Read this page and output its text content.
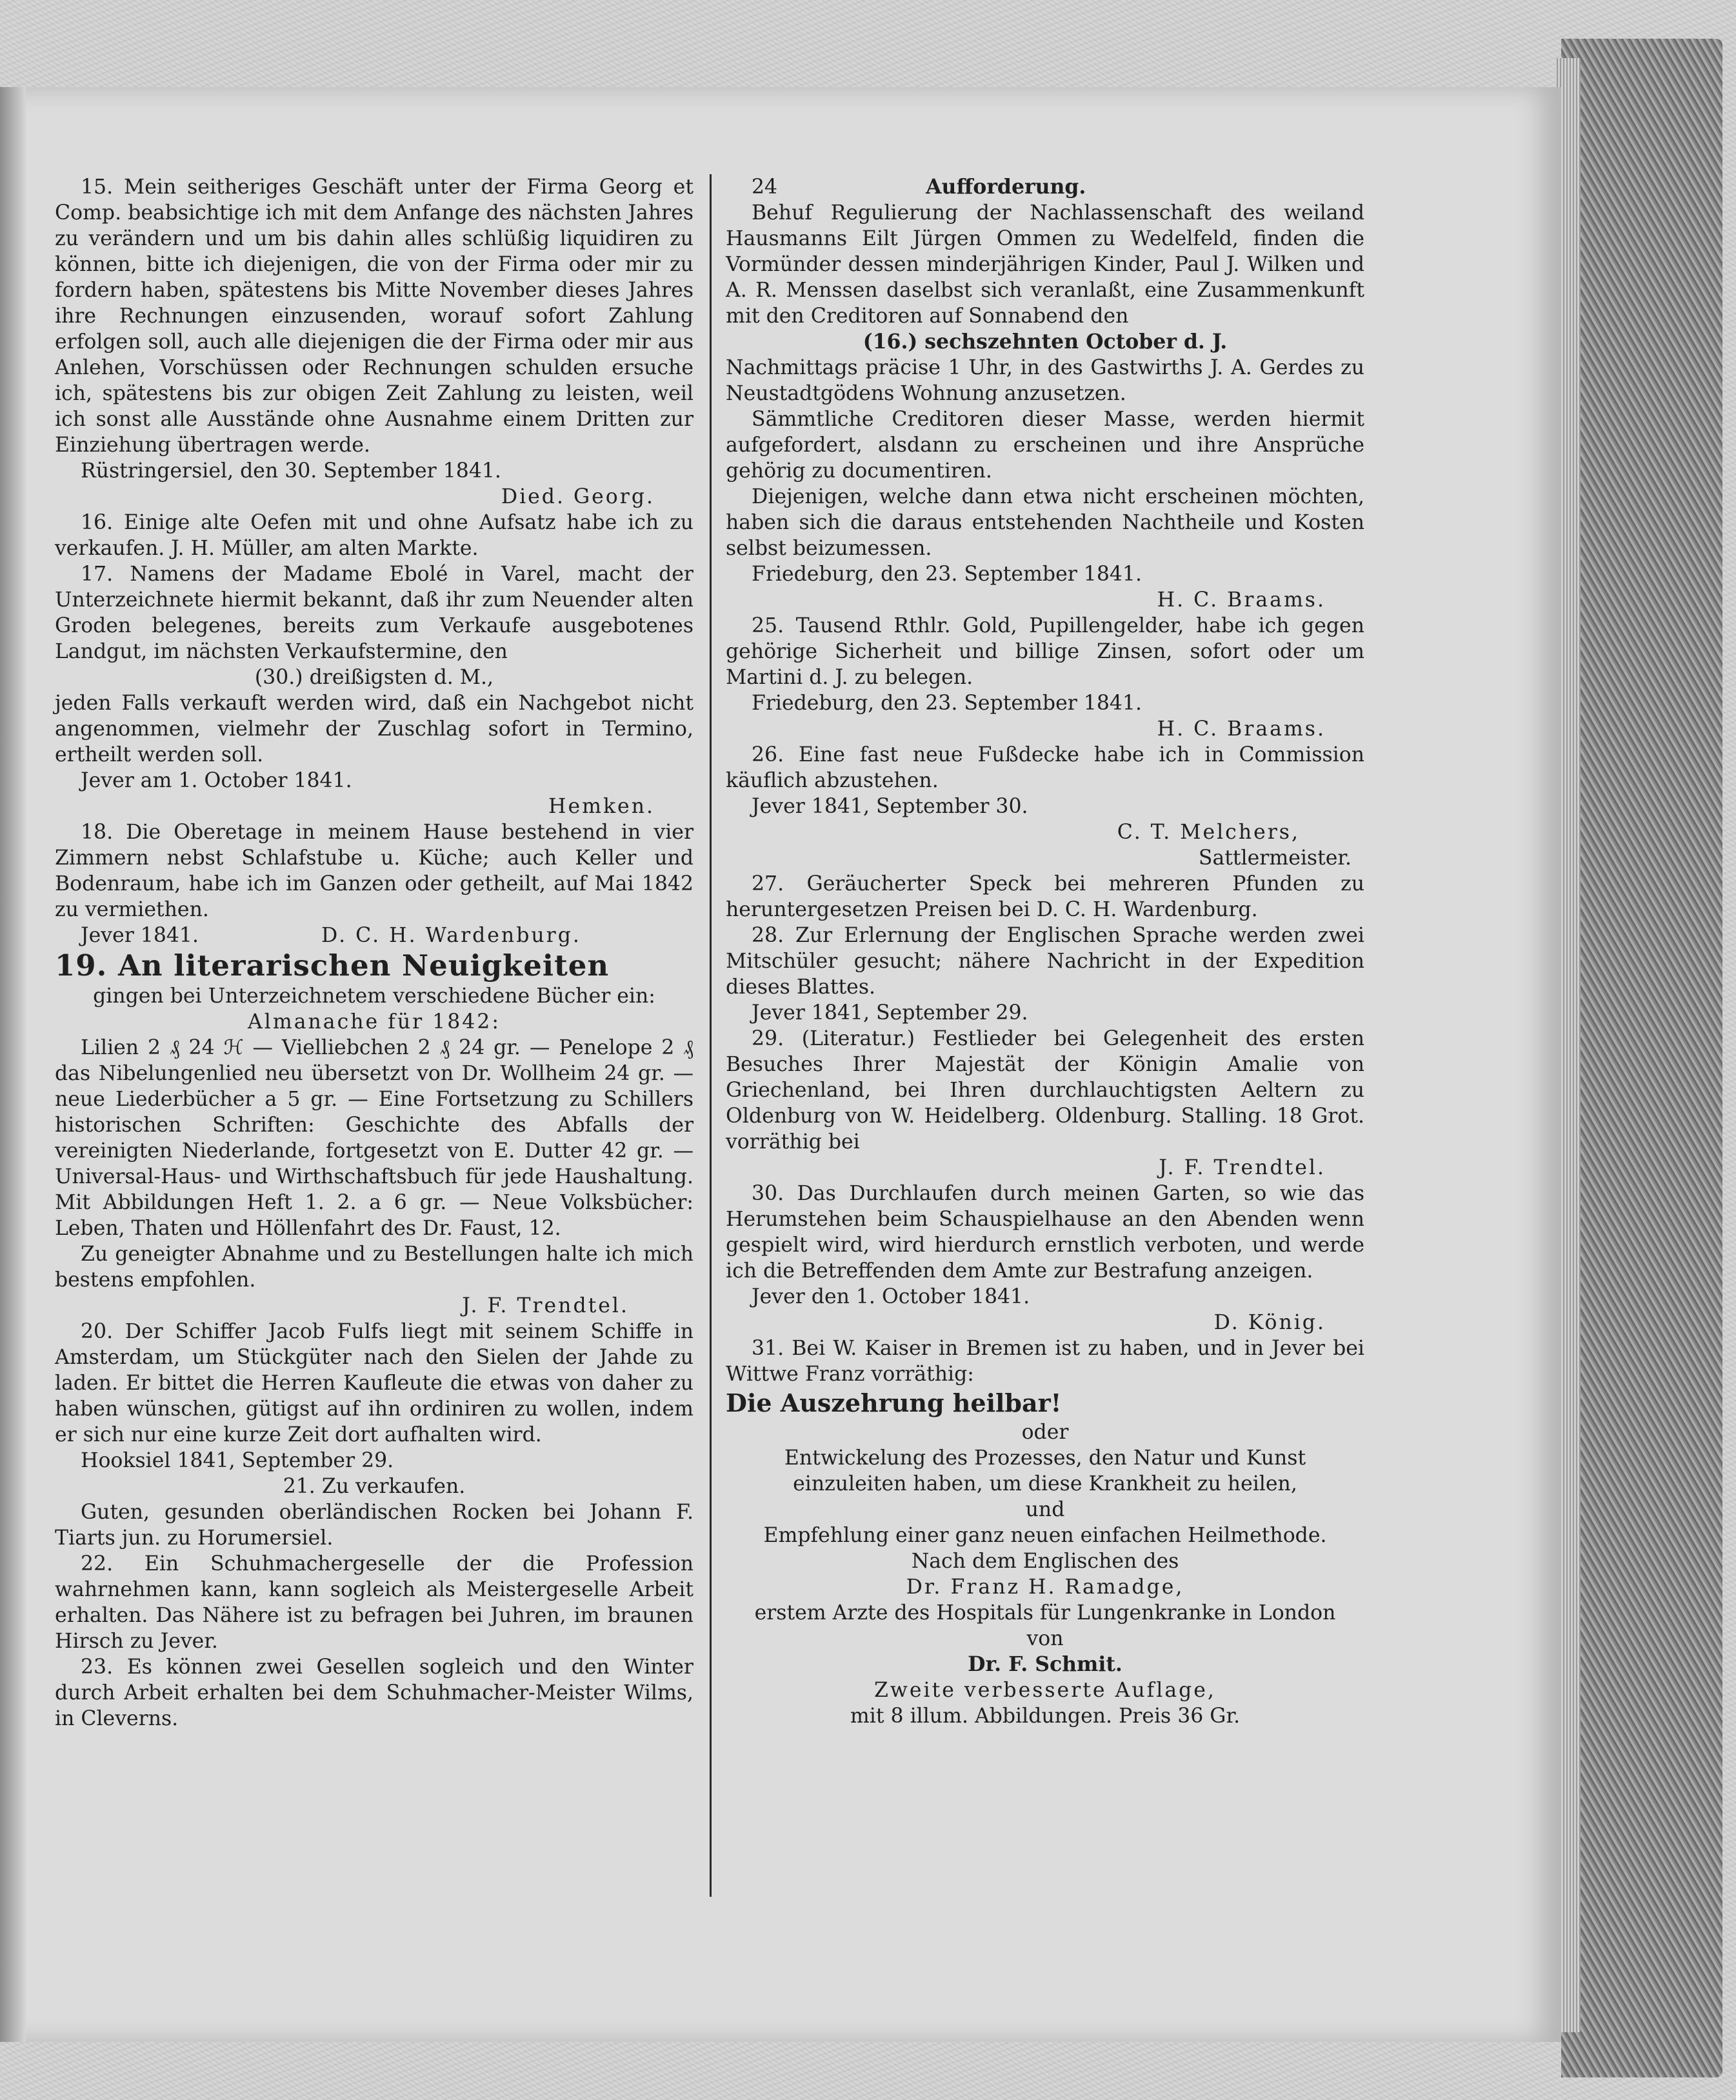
15. Mein seitheriges Geschäft unter der Firma Georg et Comp. beabsichtige ich mit dem Anfange des nächsten Jahres zu verändern und um bis dahin alles schlüßig liquidiren zu können, bitte ich diejenigen, die von der Firma oder mir zu fordern haben, spätestens bis Mitte November dieses Jahres ihre Rechnungen einzusenden, worauf sofort Zahlung erfolgen soll, auch alle diejenigen die der Firma oder mir aus Anlehen, Vorschüssen oder Rechnungen schulden ersuche ich, spätestens bis zur obigen Zeit Zahlung zu leisten, weil ich sonst alle Ausstände ohne Ausnahme einem Dritten zur Einziehung übertragen werde.

Rüstringersiel, den 30. September 1841.

Died. Georg.

16. Einige alte Oefen mit und ohne Aufsatz habe ich zu verkaufen. J. H. Müller, am alten Markte.

17. Namens der Madame Ebolé in Varel, macht der Unterzeichnete hiermit bekannt, daß ihr zum Neuender alten Groden belegenes, bereits zum Verkaufe ausgebotenes Landgut, im nächsten Verkaufstermine, den

(30.) dreißigsten d. M.,

jeden Falls verkauft werden wird, daß ein Nachgebot nicht angenommen, vielmehr der Zuschlag sofort in Termino, ertheilt werden soll.

Jever am 1. October 1841.

Hemken.

18. Die Oberetage in meinem Hause bestehend in vier Zimmern nebst Schlafstube u. Küche; auch Keller und Bodenraum, habe ich im Ganzen oder getheilt, auf Mai 1842 zu vermiethen.

Jever 1841.	D. C. H. Wardenburg.

19. An literarischen Neuigkeiten

gingen bei Unterzeichnetem verschiedene Bücher ein:

Almanache für 1842:

Lilien 2 ₰ 24 ℋ — Vielliebchen 2 ₰ 24 gr. — Penelope 2 ₰ das Nibelungenlied neu übersetzt von Dr. Wollheim 24 gr. — neue Liederbücher a 5 gr. — Eine Fortsetzung zu Schillers historischen Schriften: Geschichte des Abfalls der vereinigten Niederlande, fortgesetzt von E. Dutter 42 gr. — Universal-Haus- und Wirthschaftsbuch für jede Haushaltung. Mit Abbildungen Heft 1. 2. a 6 gr. — Neue Volksbücher: Leben, Thaten und Höllenfahrt des Dr. Faust, 12.

Zu geneigter Abnahme und zu Bestellungen halte ich mich bestens empfohlen.

J. F. Trendtel.

20. Der Schiffer Jacob Fulfs liegt mit seinem Schiffe in Amsterdam, um Stückgüter nach den Sielen der Jahde zu laden. Er bittet die Herren Kaufleute die etwas von daher zu haben wünschen, gütigst auf ihn ordiniren zu wollen, indem er sich nur eine kurze Zeit dort aufhalten wird.

Hooksiel 1841, September 29.

21. Zu verkaufen.

Guten, gesunden oberländischen Rocken bei Johann F. Tiarts jun. zu Horumersiel.

22. Ein Schuhmachergeselle der die Profession wahrnehmen kann, kann sogleich als Meistergeselle Arbeit erhalten. Das Nähere ist zu befragen bei Juhren, im braunen Hirsch zu Jever.

23. Es können zwei Gesellen sogleich und den Winter durch Arbeit erhalten bei dem Schuhmacher-Meister Wilms, in Cleverns.

24	Aufforderung.

Behuf Regulierung der Nachlassenschaft des weiland Hausmanns Eilt Jürgen Ommen zu Wedelfeld, finden die Vormünder dessen minderjährigen Kinder, Paul J. Wilken und A. R. Menssen daselbst sich veranlaßt, eine Zusammenkunft mit den Creditoren auf Sonnabend den

(16.) sechszehnten October d. J.

Nachmittags präcise 1 Uhr, in des Gastwirths J. A. Gerdes zu Neustadtgödens Wohnung anzusetzen.

Sämmtliche Creditoren dieser Masse, werden hiermit aufgefordert, alsdann zu erscheinen und ihre Ansprüche gehörig zu documentiren.

Diejenigen, welche dann etwa nicht erscheinen möchten, haben sich die daraus entstehenden Nachtheile und Kosten selbst beizumessen.

Friedeburg, den 23. September 1841.

H. C. Braams.

25. Tausend Rthlr. Gold, Pupillengelder, habe ich gegen gehörige Sicherheit und billige Zinsen, sofort oder um Martini d. J. zu belegen.

Friedeburg, den 23. September 1841.

H. C. Braams.

26. Eine fast neue Fußdecke habe ich in Commission käuflich abzustehen.

Jever 1841, September 30.

C. T. Melchers,

Sattlermeister.

27. Geräucherter Speck bei mehreren Pfunden zu heruntergesetzen Preisen bei D. C. H. Wardenburg.

28. Zur Erlernung der Englischen Sprache werden zwei Mitschüler gesucht; nähere Nachricht in der Expedition dieses Blattes.

Jever 1841, September 29.

29. (Literatur.) Festlieder bei Gelegenheit des ersten Besuches Ihrer Majestät der Königin Amalie von Griechenland, bei Ihren durchlauchtigsten Aeltern zu Oldenburg von W. Heidelberg. Oldenburg. Stalling. 18 Grot. vorräthig bei

J. F. Trendtel.

30. Das Durchlaufen durch meinen Garten, so wie das Herumstehen beim Schauspielhause an den Abenden wenn gespielt wird, wird hierdurch ernstlich verboten, und werde ich die Betreffenden dem Amte zur Bestrafung anzeigen.

Jever den 1. October 1841.

D. König.

31. Bei W. Kaiser in Bremen ist zu haben, und in Jever bei Wittwe Franz vorräthig:

Die Auszehrung heilbar!

oder

Entwickelung des Prozesses, den Natur und Kunst einzuleiten haben, um diese Krankheit zu heilen,

und

Empfehlung einer ganz neuen einfachen Heilmethode.

Nach dem Englischen des

Dr. Franz H. Ramadge,

erstem Arzte des Hospitals für Lungenkranke in London

von

Dr. F. Schmit.

Zweite verbesserte Auflage,

mit 8 illum. Abbildungen. Preis 36 Gr.
